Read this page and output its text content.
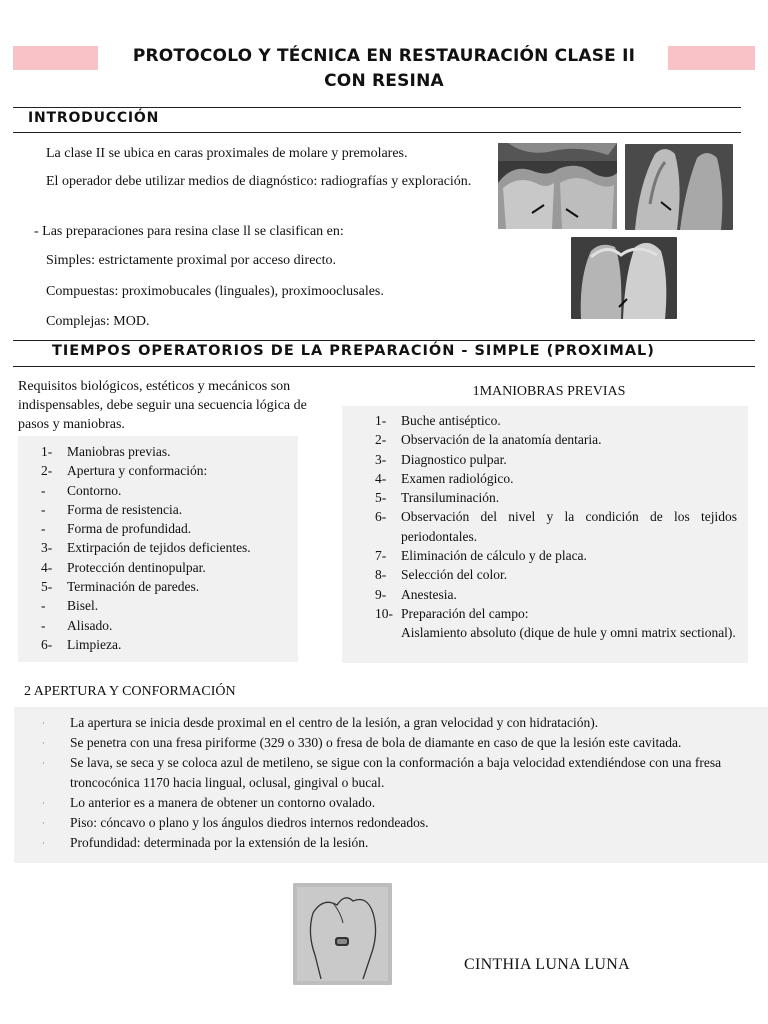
PROTOCOLO Y TÉCNICA EN RESTAURACIÓN CLASE II
CON RESINA
INTRODUCCIÓN
La clase II se ubica en caras proximales de molare y premolares.
El operador debe utilizar medios de diagnóstico: radiografías y exploración.
- Las preparaciones para resina clase ll se clasifican en:
Simples: estrictamente proximal por acceso directo.
Compuestas: proximobucales (linguales), proximooclusales.
Complejas: MOD.
TIEMPOS OPERATORIOS DE LA PREPARACIÓN - SIMPLE (PROXIMAL)
Requisitos biológicos, estéticos y mecánicos son indispensables, debe seguir una secuencia lógica de pasos y maniobras.
1-	Maniobras previas.
2-	Apertura y conformación:
-	Contorno.
-	Forma de resistencia.
-	Forma de profundidad.
3-	Extirpación de tejidos deficientes.
4-	Protección dentinopulpar.
5-	Terminación de paredes.
-	Bisel.
-	Alisado.
6-	Limpieza.
1MANIOBRAS PREVIAS
1-	Buche antiséptico.
2-	Observación de la anatomía dentaria.
3-	Diagnostico pulpar.
4-	Examen radiológico.
5-	Transiluminación.
6-	Observación del nivel y la condición de los tejidos periodontales.
7-	Eliminación de cálculo y de placa.
8-	Selección del color.
9-	Anestesia.
10- Preparación del campo:
Aislamiento absoluto (dique de hule y omni matrix sectional).
2 APERTURA Y CONFORMACIÓN
·	La apertura se inicia desde proximal en el centro de la lesión, a gran velocidad y con hidratación).
·	Se penetra con una fresa piriforme (329 o 330) o fresa de bola de diamante en caso de que la lesión este cavitada.
·	Se lava, se seca y se coloca azul de metileno, se sigue con la conformación a baja velocidad extendiéndose con una fresa troncocónica 1170 hacia lingual, oclusal, gingival o bucal.
·	Lo anterior es a manera de obtener un contorno ovalado.
·	Piso: cóncavo o plano y los ángulos diedros internos redondeados.
·	Profundidad: determinada por la extensión de la lesión.
CINTHIA LUNA LUNA
